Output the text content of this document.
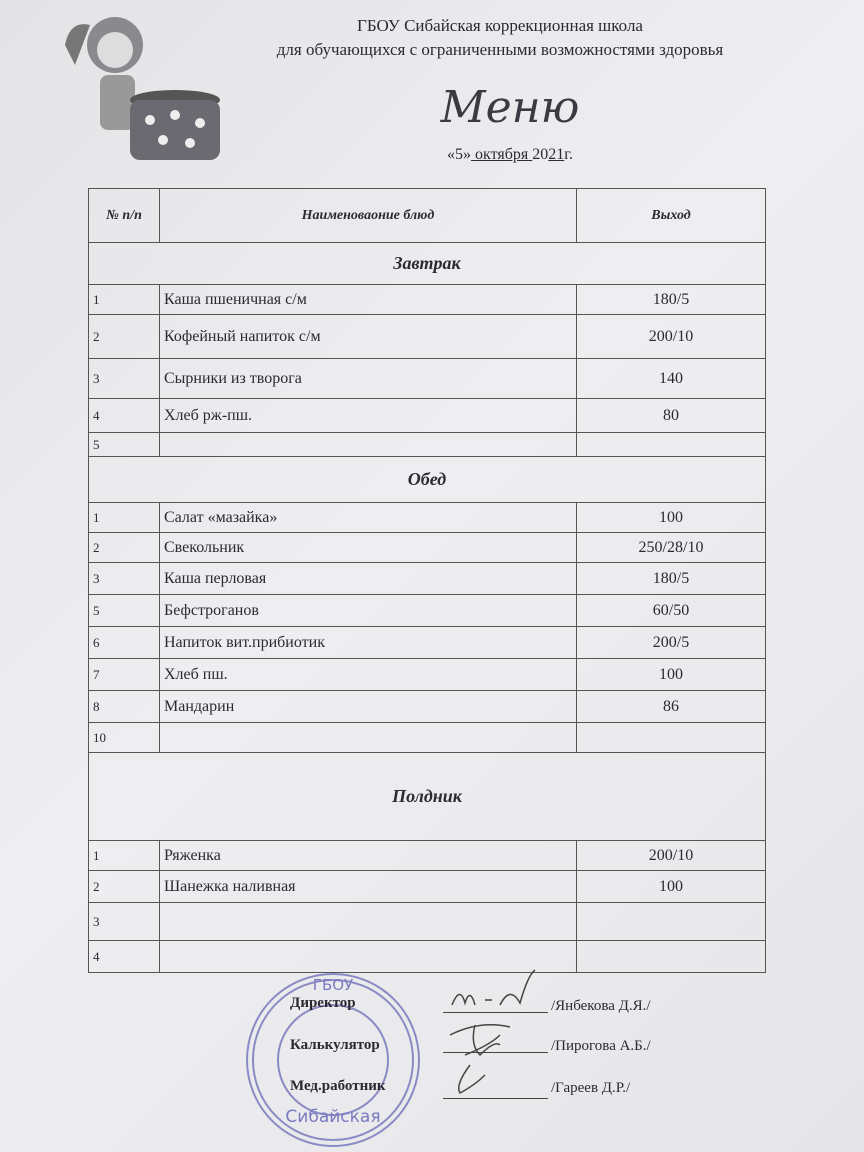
ГБОУ Сибайская коррекционная школа
для обучающихся с ограниченными возможностями здоровья
Меню
«5» октября 2021г.
№ п/п	Наименоваоние блюд	Выход
Завтрак		
1	Каша пшеничная с/м	180/5
2	Кофейный напиток с/м	200/10
3	Сырники из творога	140
4	Хлеб рж-пш.	80
5		
Обед		
1	Салат «мазайка»	100
2	Свекольник	250/28/10
3	Каша перловая	180/5
5	Бефстроганов	60/50
6	Напиток вит.прибиотик	200/5
7	Хлеб пш.	100
8	Мандарин	86
10		
Полдник		
1	Ряженка	200/10
2	Шанежка наливная	100
3		
4		
ГБОУ
Сибайская
Директор
Калькулятор
Мед.работник
/Янбекова Д.Я./
/Пирогова А.Б./
/Гареев Д.Р./
